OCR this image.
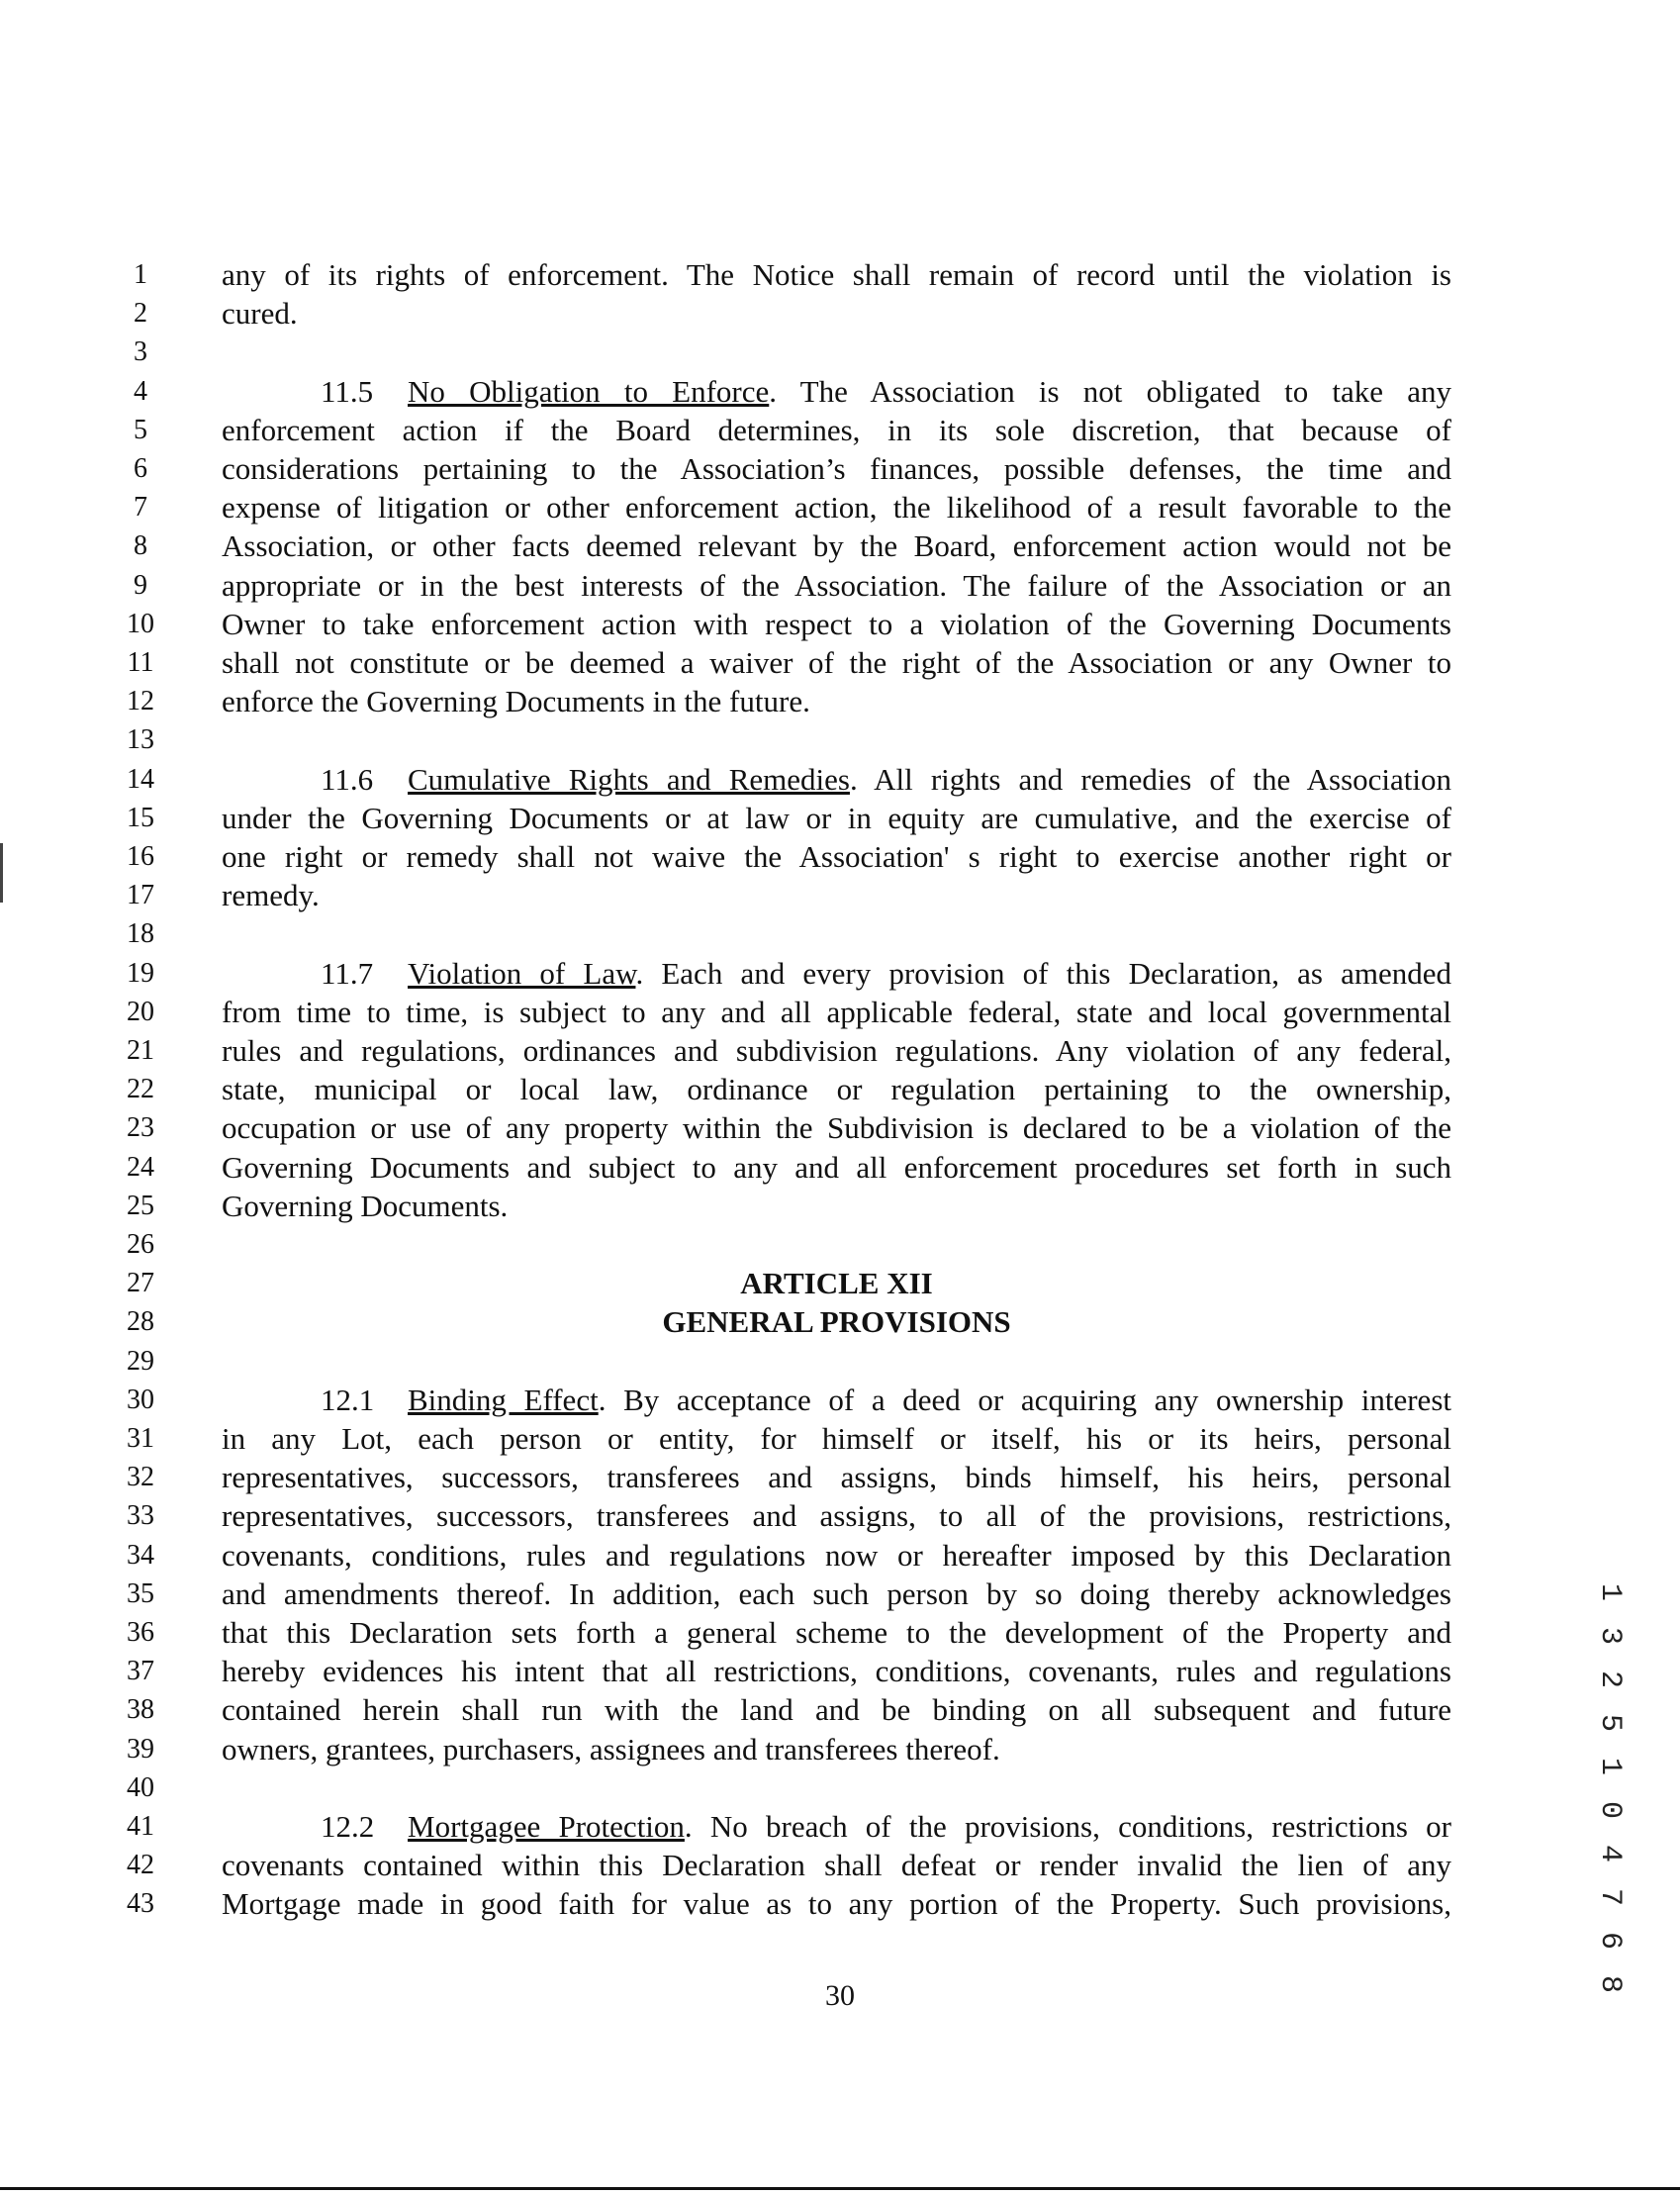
1	any of its rights of enforcement. The Notice shall remain of record until the violation is
2	cured.
3
4	11.5 No Obligation to Enforce. The Association is not obligated to take any
5	enforcement action if the Board determines, in its sole discretion, that because of
6	considerations pertaining to the Association’s finances, possible defenses, the time and
7	expense of litigation or other enforcement action, the likelihood of a result favorable to the
8	Association, or other facts deemed relevant by the Board, enforcement action would not be
9	appropriate or in the best interests of the Association. The failure of the Association or an
10	Owner to take enforcement action with respect to a violation of the Governing Documents
11	shall not constitute or be deemed a waiver of the right of the Association or any Owner to
12	enforce the Governing Documents in the future.
13
14	11.6 Cumulative Rights and Remedies. All rights and remedies of the Association
15	under the Governing Documents or at law or in equity are cumulative, and the exercise of
16	one right or remedy shall not waive the Association' s right to exercise another right or
17	remedy.
18
19	11.7 Violation of Law. Each and every provision of this Declaration, as amended
20	from time to time, is subject to any and all applicable federal, state and local governmental
21	rules and regulations, ordinances and subdivision regulations. Any violation of any federal,
22	state, municipal or local law, ordinance or regulation pertaining to the ownership,
23	occupation or use of any property within the Subdivision is declared to be a violation of the
24	Governing Documents and subject to any and all enforcement procedures set forth in such
25	Governing Documents.
26
27	ARTICLE XII
28	GENERAL PROVISIONS
29
30	12.1 Binding Effect. By acceptance of a deed or acquiring any ownership interest
31	in any Lot, each person or entity, for himself or itself, his or its heirs, personal
32	representatives, successors, transferees and assigns, binds himself, his heirs, personal
33	representatives, successors, transferees and assigns, to all of the provisions, restrictions,
34	covenants, conditions, rules and regulations now or hereafter imposed by this Declaration
35	and amendments thereof. In addition, each such person by so doing thereby acknowledges
36	that this Declaration sets forth a general scheme to the development of the Property and
37	hereby evidences his intent that all restrictions, conditions, covenants, rules and regulations
38	contained herein shall run with the land and be binding on all subsequent and future
39	owners, grantees, purchasers, assignees and transferees thereof.
40
41	12.2 Mortgagee Protection. No breach of the provisions, conditions, restrictions or
42	covenants contained within this Declaration shall defeat or render invalid the lien of any
43	Mortgage made in good faith for value as to any portion of the Property. Such provisions,
30	1 3 2 5 1 0 4 7 6 8
